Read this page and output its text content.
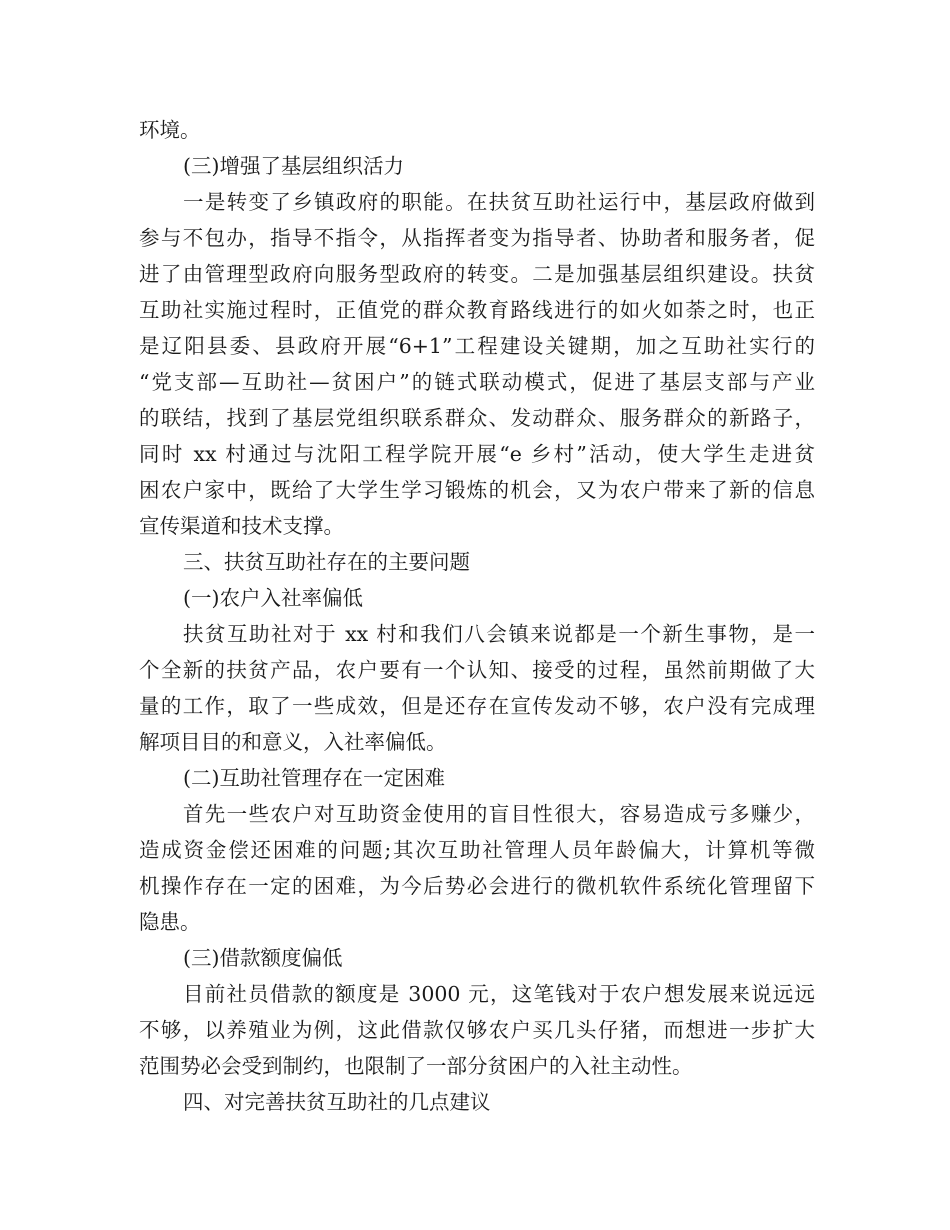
环境。
(三)增强了基层组织活力
一是转变了乡镇政府的职能。在扶贫互助社运行中，基层政府做到
参与不包办，指导不指令，从指挥者变为指导者、协助者和服务者，促
进了由管理型政府向服务型政府的转变。二是加强基层组织建设。扶贫
互助社实施过程时，正值党的群众教育路线进行的如火如荼之时，也正
是辽阳县委、县政府开展“6+1”工程建设关键期，加之互助社实行的
“党支部—互助社—贫困户”的链式联动模式，促进了基层支部与产业
的联结，找到了基层党组织联系群众、发动群众、服务群众的新路子，
同时 xx 村通过与沈阳工程学院开展“e 乡村”活动，使大学生走进贫
困农户家中，既给了大学生学习锻炼的机会，又为农户带来了新的信息
宣传渠道和技术支撑。
三、扶贫互助社存在的主要问题
(一)农户入社率偏低
扶贫互助社对于 xx 村和我们八会镇来说都是一个新生事物，是一
个全新的扶贫产品，农户要有一个认知、接受的过程，虽然前期做了大
量的工作，取了一些成效，但是还存在宣传发动不够，农户没有完成理
解项目目的和意义，入社率偏低。
(二)互助社管理存在一定困难
首先一些农户对互助资金使用的盲目性很大，容易造成亏多赚少，
造成资金偿还困难的问题;其次互助社管理人员年龄偏大，计算机等微
机操作存在一定的困难，为今后势必会进行的微机软件系统化管理留下
隐患。
(三)借款额度偏低
目前社员借款的额度是 3000 元，这笔钱对于农户想发展来说远远
不够，以养殖业为例，这此借款仅够农户买几头仔猪，而想进一步扩大
范围势必会受到制约，也限制了一部分贫困户的入社主动性。
四、对完善扶贫互助社的几点建议
